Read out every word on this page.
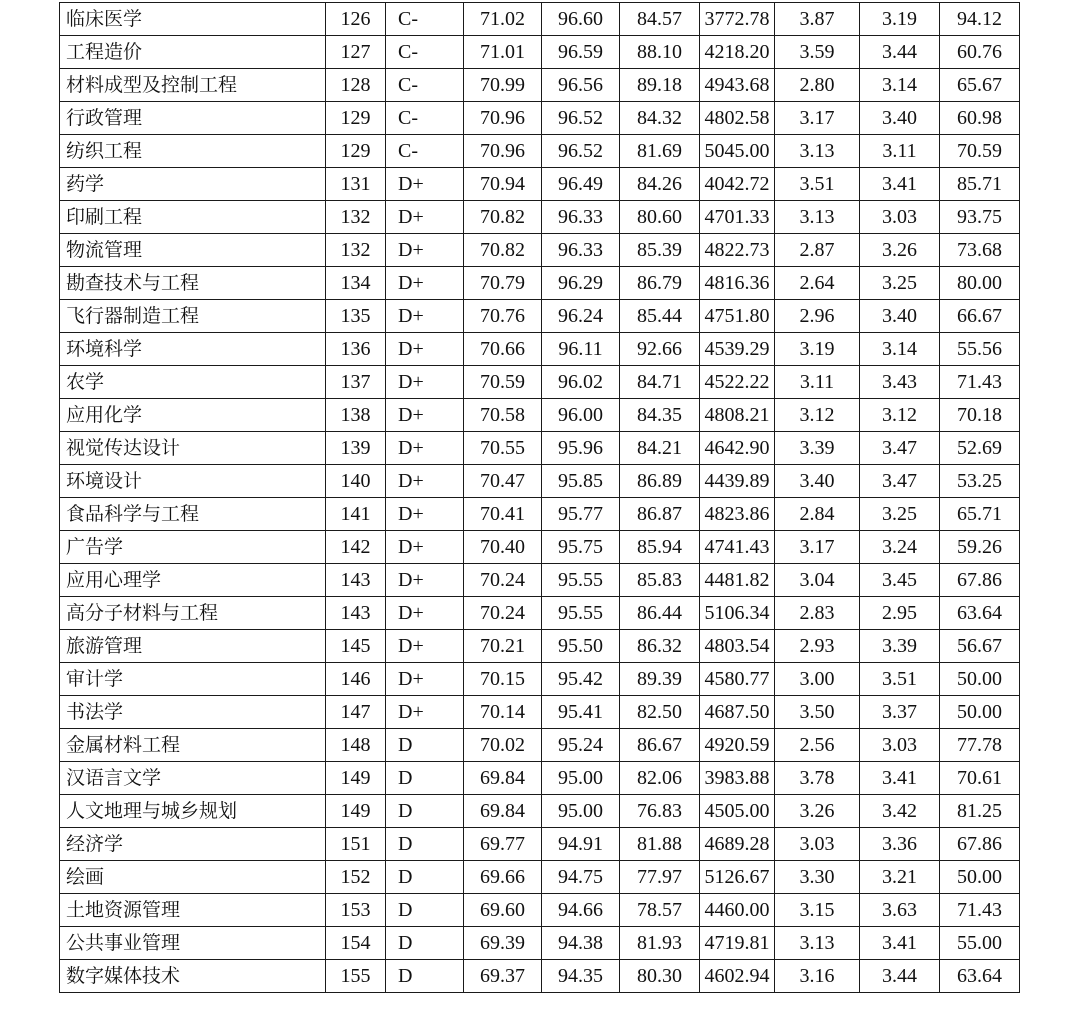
临床医学	126	C-	71.02	96.60	84.57	3772.78	3.87	3.19	94.12
工程造价	127	C-	71.01	96.59	88.10	4218.20	3.59	3.44	60.76
材料成型及控制工程	128	C-	70.99	96.56	89.18	4943.68	2.80	3.14	65.67
行政管理	129	C-	70.96	96.52	84.32	4802.58	3.17	3.40	60.98
纺织工程	129	C-	70.96	96.52	81.69	5045.00	3.13	3.11	70.59
药学	131	D+	70.94	96.49	84.26	4042.72	3.51	3.41	85.71
印刷工程	132	D+	70.82	96.33	80.60	4701.33	3.13	3.03	93.75
物流管理	132	D+	70.82	96.33	85.39	4822.73	2.87	3.26	73.68
勘查技术与工程	134	D+	70.79	96.29	86.79	4816.36	2.64	3.25	80.00
飞行器制造工程	135	D+	70.76	96.24	85.44	4751.80	2.96	3.40	66.67
环境科学	136	D+	70.66	96.11	92.66	4539.29	3.19	3.14	55.56
农学	137	D+	70.59	96.02	84.71	4522.22	3.11	3.43	71.43
应用化学	138	D+	70.58	96.00	84.35	4808.21	3.12	3.12	70.18
视觉传达设计	139	D+	70.55	95.96	84.21	4642.90	3.39	3.47	52.69
环境设计	140	D+	70.47	95.85	86.89	4439.89	3.40	3.47	53.25
食品科学与工程	141	D+	70.41	95.77	86.87	4823.86	2.84	3.25	65.71
广告学	142	D+	70.40	95.75	85.94	4741.43	3.17	3.24	59.26
应用心理学	143	D+	70.24	95.55	85.83	4481.82	3.04	3.45	67.86
高分子材料与工程	143	D+	70.24	95.55	86.44	5106.34	2.83	2.95	63.64
旅游管理	145	D+	70.21	95.50	86.32	4803.54	2.93	3.39	56.67
审计学	146	D+	70.15	95.42	89.39	4580.77	3.00	3.51	50.00
书法学	147	D+	70.14	95.41	82.50	4687.50	3.50	3.37	50.00
金属材料工程	148	D	70.02	95.24	86.67	4920.59	2.56	3.03	77.78
汉语言文学	149	D	69.84	95.00	82.06	3983.88	3.78	3.41	70.61
人文地理与城乡规划	149	D	69.84	95.00	76.83	4505.00	3.26	3.42	81.25
经济学	151	D	69.77	94.91	81.88	4689.28	3.03	3.36	67.86
绘画	152	D	69.66	94.75	77.97	5126.67	3.30	3.21	50.00
土地资源管理	153	D	69.60	94.66	78.57	4460.00	3.15	3.63	71.43
公共事业管理	154	D	69.39	94.38	81.93	4719.81	3.13	3.41	55.00
数字媒体技术	155	D	69.37	94.35	80.30	4602.94	3.16	3.44	63.64
